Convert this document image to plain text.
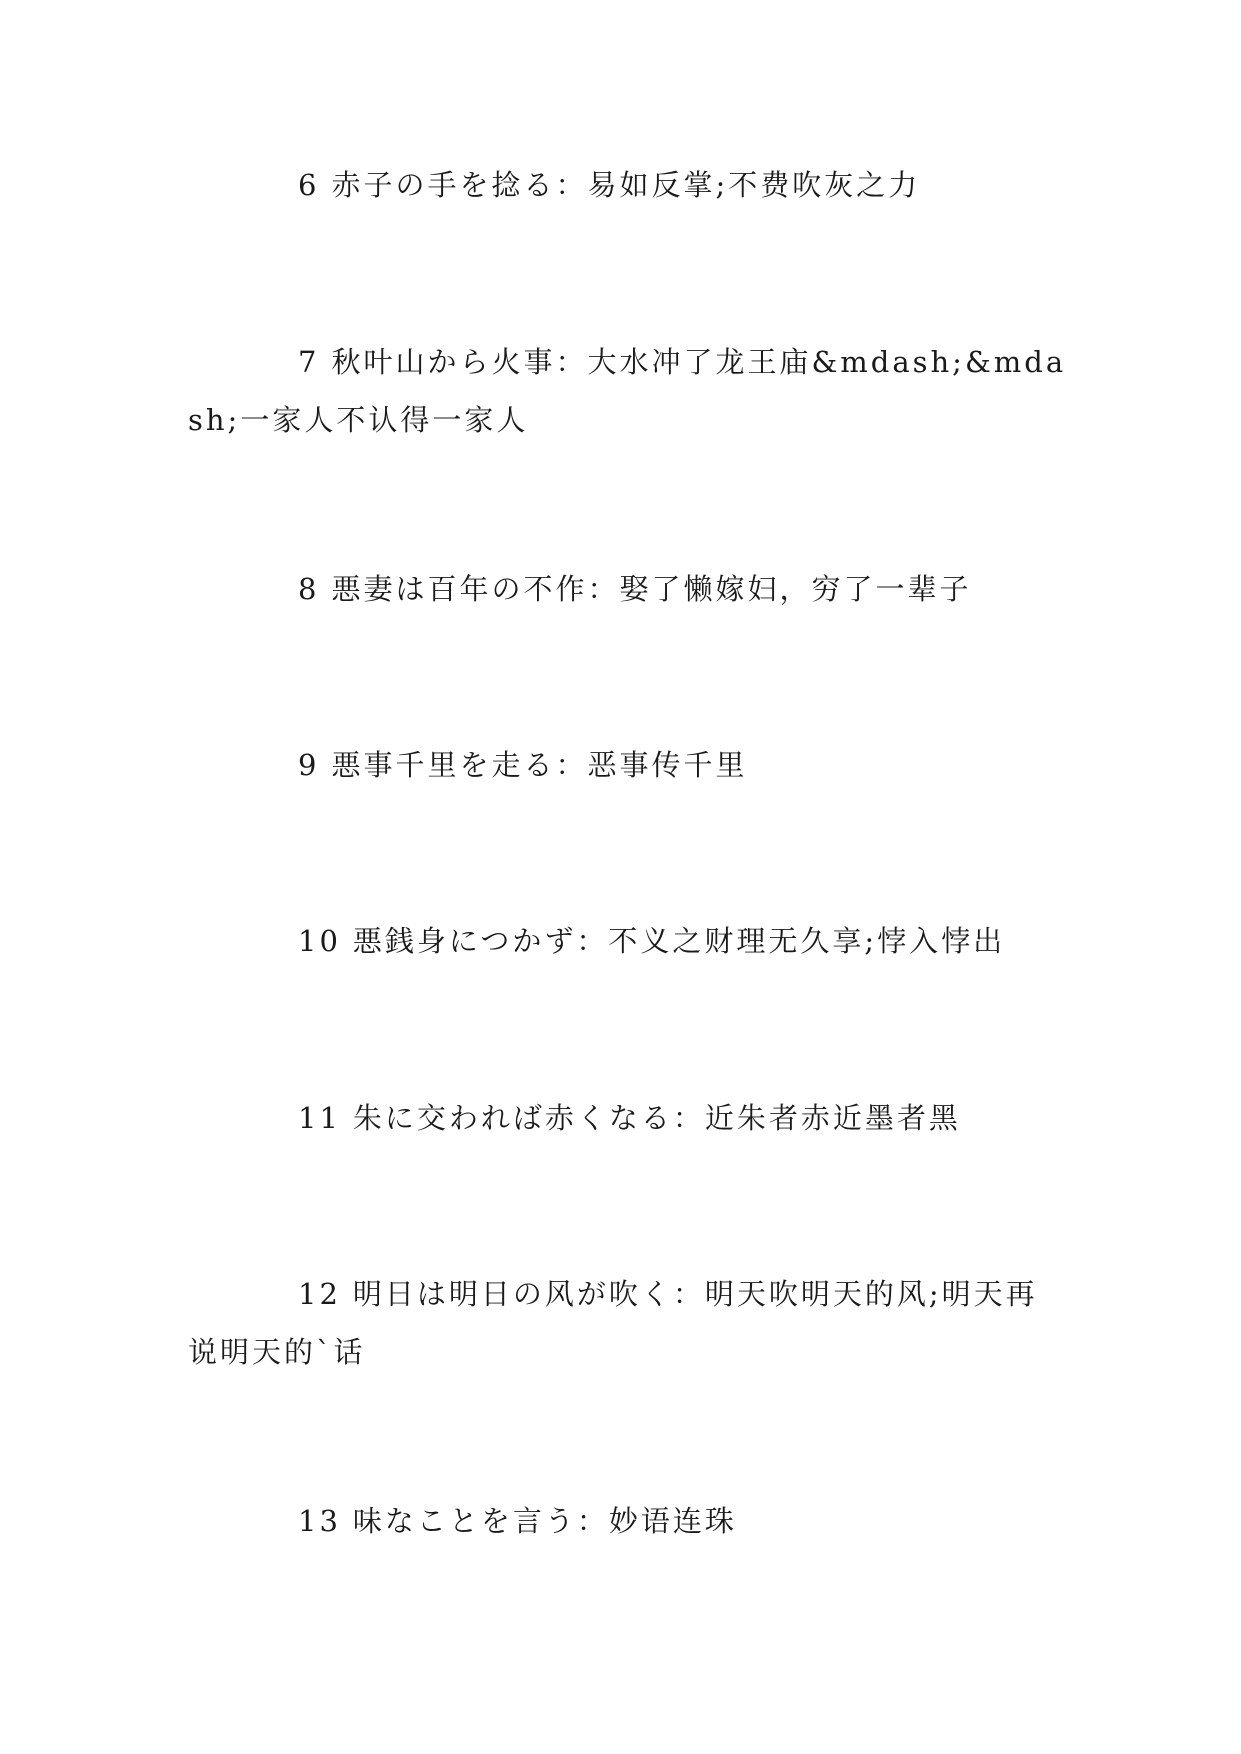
6 赤子の手を捻る：易如反掌;不费吹灰之力

7 秋叶山から火事：大水冲了龙王庙&mdash;&mdash;一家人不认得一家人

8 悪妻は百年の不作：娶了懒嫁妇，穷了一辈子

9 悪事千里を走る：恶事传千里

10 悪銭身につかず：不义之财理无久享;悖入悖出

11 朱に交われば赤くなる：近朱者赤近墨者黑

12 明日は明日の风が吹く：明天吹明天的风;明天再说明天的`话

13 味なことを言う：妙语连珠
